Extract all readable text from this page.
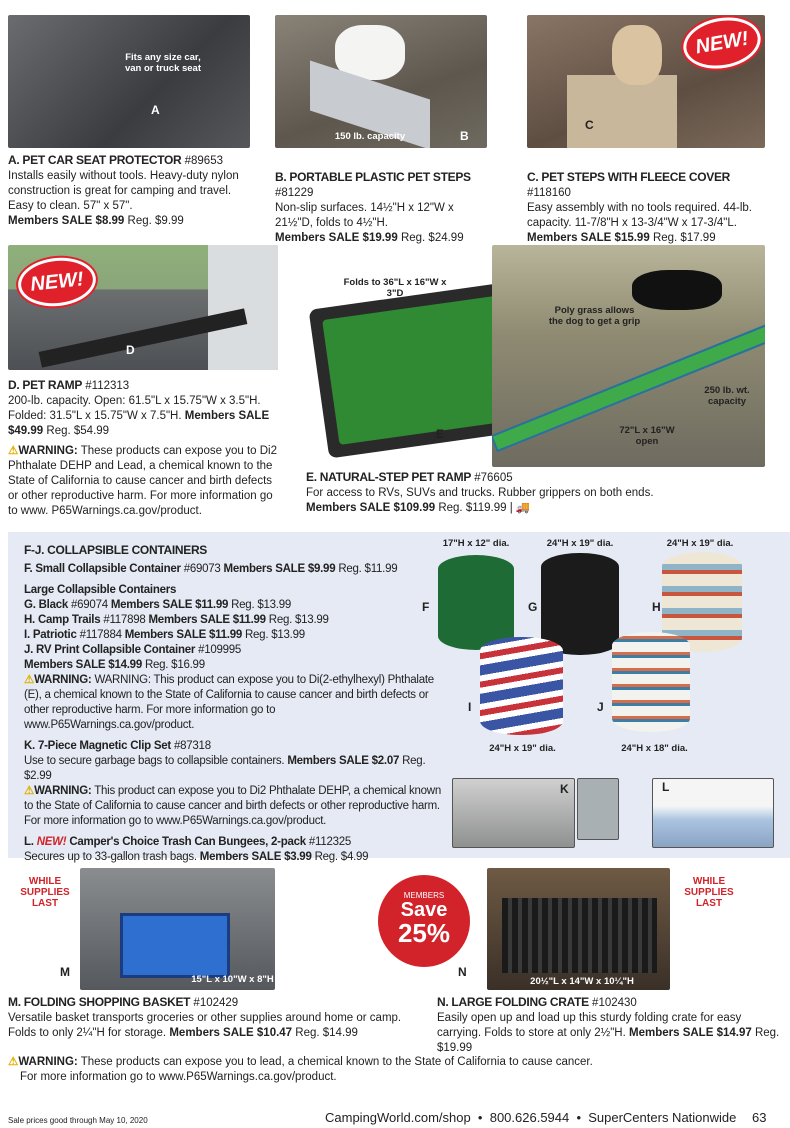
Fits any size car, van or truck seat
A
150 lb. capacity	B
C
NEW!
A. PET CAR SEAT PROTECTOR #89653
Installs easily without tools. Heavy-duty nylon construction is great for camping and travel. Easy to clean. 57" x 57".
Members SALE $8.99 Reg. $9.99
B. PORTABLE PLASTIC PET STEPS #81229
Non-slip surfaces. 14½"H x 12"W x 21½"D, folds to 4½"H.
Members SALE $19.99 Reg. $24.99
C. PET STEPS WITH FLEECE COVER #118160
Easy assembly with no tools required. 44-lb. capacity. 11-7/8"H x 13-3/4"W x 17-3/4"L.
Members SALE $15.99 Reg. $17.99
D
NEW!	Folds to 36"L x 16"W x 3"D
E
Poly grass allows the dog to get a grip
250 lb. wt. capacity
72"L x 16"W open
D. PET RAMP #112313
200-lb. capacity. Open: 61.5"L x 15.75"W x 3.5"H. Folded: 31.5"L x 15.75"W x 7.5"H. Members SALE $49.99 Reg. $54.99
⚠WARNING: These products can expose you to Di2 Phthalate DEHP and Lead, a chemical known to the State of California to cause cancer and birth defects or other reproductive harm. For more information go to www. P65Warnings.ca.gov/product.
E. NATURAL-STEP PET RAMP #76605
For access to RVs, SUVs and trucks. Rubber grippers on both ends.
Members SALE $109.99 Reg. $119.99 | 🚚

F-J. COLLAPSIBLE CONTAINERS

F. Small Collapsible Container #69073 Members SALE $9.99 Reg. $11.99

Large Collapsible Containers
G. Black #69074 Members SALE $11.99 Reg. $13.99
H. Camp Trails #117898 Members SALE $11.99 Reg. $13.99
I. Patriotic #117884 Members SALE $11.99 Reg. $13.99
J. RV Print Collapsible Container #109995
Members SALE $14.99 Reg. $16.99
⚠WARNING: WARNING: This product can expose you to Di(2-ethylhexyl) Phthalate (E), a chemical known to the State of California to cause cancer and birth defects or other reproductive harm. For more information go to www.P65Warnings.ca.gov/product.
K. 7-Piece Magnetic Clip Set #87318
Use to secure garbage bags to collapsible containers. Members SALE $2.07 Reg. $2.99
⚠WARNING: This product can expose you to Di2 Phthalate DEHP, a chemical known to the State of California to cause cancer and birth defects or other reproductive harm. For more information go to www.P65Warnings.ca.gov/product.
L. NEW! Camper's Choice Trash Can Bungees, 2-pack #112325
Secures up to 33-gallon trash bags. Members SALE $3.99 Reg. $4.99
17"H x 12" dia.	24"H x 19" dia.	24"H x 19" dia.
F	G	H
I	J
24"H x 19" dia.	24"H x 18" dia.
K	L
WHILE SUPPLIES LAST
15"L x 10"W x 8"H
M
MEMBERS
Save
25%
N
20½"L x 14"W x 10¼"H
WHILE SUPPLIES LAST
M. FOLDING SHOPPING BASKET #102429
Versatile basket transports groceries or other supplies around home or camp. Folds to only 2¼"H for storage. Members SALE $10.47 Reg. $14.99
N. LARGE FOLDING CRATE #102430
Easily open up and load up this sturdy folding crate for easy carrying. Folds to store at only 2½"H. Members SALE $14.97 Reg. $19.99
⚠WARNING: These products can expose you to lead, a chemical known to the State of California to cause cancer.
For more information go to www.P65Warnings.ca.gov/product.
Sale prices good through May 10, 2020	CampingWorld.com/shop  •  800.626.5944  •  SuperCenters Nationwide 63
